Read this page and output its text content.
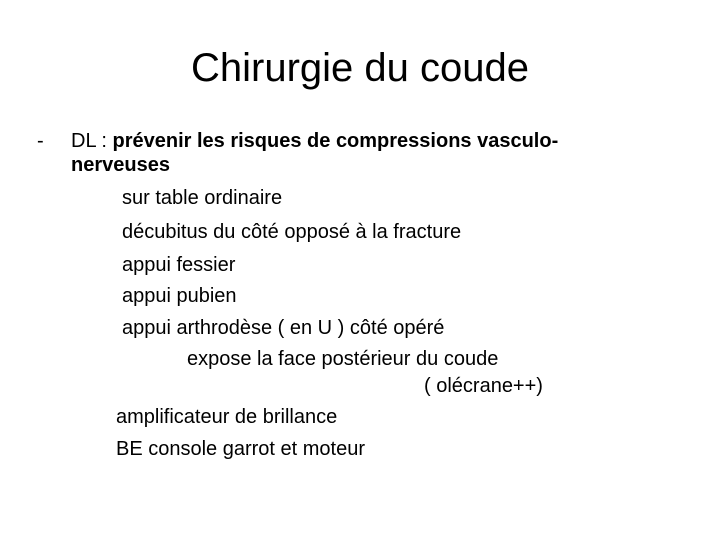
Chirurgie du coude
- DL : prévenir les risques de compressions vasculo-
nerveuses
sur table ordinaire
décubitus du côté opposé à la fracture
appui fessier
appui pubien
appui arthrodèse ( en U ) côté opéré
expose la face postérieur du coude
( olécrane++)
amplificateur de brillance
BE console garrot et moteur
